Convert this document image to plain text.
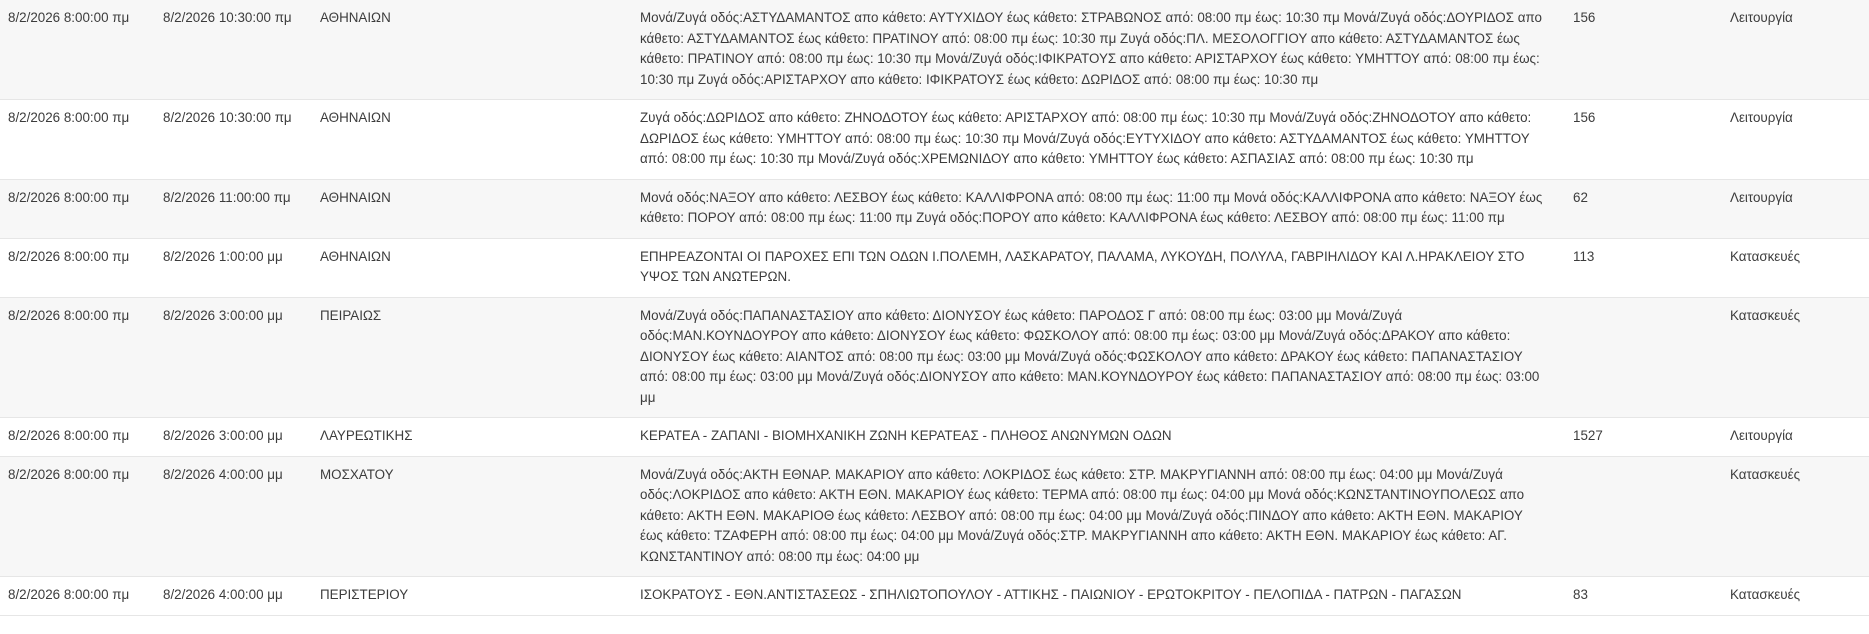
8/2/2026 8:00:00 πμ	8/2/2026 10:30:00 πμ	ΑΘΗΝΑΙΩΝ	Μονά/Ζυγά οδός:ΑΣΤΥΔΑΜΑΝΤΟΣ απο κάθετο: ΑΥΤΥΧΙΔΟΥ έως κάθετο: ΣΤΡΑΒΩΝΟΣ από: 08:00 πμ έως: 10:30 πμ Μονά/Ζυγά οδός:ΔΟΥΡΙΔΟΣ απο κάθετο: ΑΣΤΥΔΑΜΑΝΤΟΣ έως κάθετο: ΠΡΑΤΙΝΟΥ από: 08:00 πμ έως: 10:30 πμ Ζυγά οδός:ΠΛ. ΜΕΣΟΛΟΓΓΙΟΥ απο κάθετο: ΑΣΤΥΔΑΜΑΝΤΟΣ έως κάθετο: ΠΡΑΤΙΝΟΥ από: 08:00 πμ έως: 10:30 πμ Μονά/Ζυγά οδός:ΙΦΙΚΡΑΤΟΥΣ απο κάθετο: ΑΡΙΣΤΑΡΧΟΥ έως κάθετο: ΥΜΗΤΤΟΥ από: 08:00 πμ έως: 10:30 πμ Ζυγά οδός:ΑΡΙΣΤΑΡΧΟΥ απο κάθετο: ΙΦΙΚΡΑΤΟΥΣ έως κάθετο: ΔΩΡΙΔΟΣ από: 08:00 πμ έως: 10:30 πμ	156	Λειτουργία
8/2/2026 8:00:00 πμ	8/2/2026 10:30:00 πμ	ΑΘΗΝΑΙΩΝ	Ζυγά οδός:ΔΩΡΙΔΟΣ απο κάθετο: ΖΗΝΟΔΟΤΟΥ έως κάθετο: ΑΡΙΣΤΑΡΧΟΥ από: 08:00 πμ έως: 10:30 πμ Μονά/Ζυγά οδός:ΖΗΝΟΔΟΤΟΥ απο κάθετο: ΔΩΡΙΔΟΣ έως κάθετο: ΥΜΗΤΤΟΥ από: 08:00 πμ έως: 10:30 πμ Μονά/Ζυγά οδός:ΕΥΤΥΧΙΔΟΥ απο κάθετο: ΑΣΤΥΔΑΜΑΝΤΟΣ έως κάθετο: ΥΜΗΤΤΟΥ από: 08:00 πμ έως: 10:30 πμ Μονά/Ζυγά οδός:ΧΡΕΜΩΝΙΔΟΥ απο κάθετο: ΥΜΗΤΤΟΥ έως κάθετο: ΑΣΠΑΣΙΑΣ από: 08:00 πμ έως: 10:30 πμ	156	Λειτουργία
8/2/2026 8:00:00 πμ	8/2/2026 11:00:00 πμ	ΑΘΗΝΑΙΩΝ	Μονά οδός:ΝΑΞΟΥ απο κάθετο: ΛΕΣΒΟΥ έως κάθετο: ΚΑΛΛΙΦΡΟΝΑ από: 08:00 πμ έως: 11:00 πμ Μονά οδός:ΚΑΛΛΙΦΡΟΝΑ απο κάθετο: ΝΑΞΟΥ έως κάθετο: ΠΟΡΟΥ από: 08:00 πμ έως: 11:00 πμ Ζυγά οδός:ΠΟΡΟΥ απο κάθετο: ΚΑΛΛΙΦΡΟΝΑ έως κάθετο: ΛΕΣΒΟΥ από: 08:00 πμ έως: 11:00 πμ	62	Λειτουργία
8/2/2026 8:00:00 πμ	8/2/2026 1:00:00 μμ	ΑΘΗΝΑΙΩΝ	ΕΠΗΡΕΑΖΟΝΤΑΙ ΟΙ ΠΑΡΟΧΕΣ ΕΠΙ ΤΩΝ ΟΔΩΝ Ι.ΠΟΛΕΜΗ, ΛΑΣΚΑΡΑΤΟΥ, ΠΑΛΑΜΑ, ΛΥΚΟΥΔΗ, ΠΟΛΥΛΑ, ΓΑΒΡΙΗΛΙΔΟΥ ΚΑΙ Λ.ΗΡΑΚΛΕΙΟΥ ΣΤΟ ΥΨΟΣ ΤΩΝ ΑΝΩΤΕΡΩΝ.	113	Κατασκευές
8/2/2026 8:00:00 πμ	8/2/2026 3:00:00 μμ	ΠΕΙΡΑΙΩΣ	Μονά/Ζυγά οδός:ΠΑΠΑΝΑΣΤΑΣΙΟΥ απο κάθετο: ΔΙΟΝΥΣΟΥ έως κάθετο: ΠΑΡΟΔΟΣ Γ από: 08:00 πμ έως: 03:00 μμ Μονά/Ζυγά οδός:ΜΑΝ.ΚΟΥΝΔΟΥΡΟΥ απο κάθετο: ΔΙΟΝΥΣΟΥ έως κάθετο: ΦΩΣΚΟΛΟΥ από: 08:00 πμ έως: 03:00 μμ Μονά/Ζυγά οδός:ΔΡΑΚΟΥ απο κάθετο: ΔΙΟΝΥΣΟΥ έως κάθετο: ΑΙΑΝΤΟΣ από: 08:00 πμ έως: 03:00 μμ Μονά/Ζυγά οδός:ΦΩΣΚΟΛΟΥ απο κάθετο: ΔΡΑΚΟΥ έως κάθετο: ΠΑΠΑΝΑΣΤΑΣΙΟΥ από: 08:00 πμ έως: 03:00 μμ Μονά/Ζυγά οδός:ΔΙΟΝΥΣΟΥ απο κάθετο: ΜΑΝ.ΚΟΥΝΔΟΥΡΟΥ έως κάθετο: ΠΑΠΑΝΑΣΤΑΣΙΟΥ από: 08:00 πμ έως: 03:00 μμ		Κατασκευές
8/2/2026 8:00:00 πμ	8/2/2026 3:00:00 μμ	ΛΑΥΡΕΩΤΙΚΗΣ	ΚΕΡΑΤΕΑ - ΖΑΠΑΝΙ - ΒΙΟΜΗΧΑΝΙΚΗ ΖΩΝΗ ΚΕΡΑΤΕΑΣ - ΠΛΗΘΟΣ ΑΝΩΝΥΜΩΝ ΟΔΩΝ	1527	Λειτουργία
8/2/2026 8:00:00 πμ	8/2/2026 4:00:00 μμ	ΜΟΣΧΑΤΟΥ	Μονά/Ζυγά οδός:ΑΚΤΗ ΕΘΝΑΡ. ΜΑΚΑΡΙΟΥ απο κάθετο: ΛΟΚΡΙΔΟΣ έως κάθετο: ΣΤΡ. ΜΑΚΡΥΓΙΑΝΝΗ από: 08:00 πμ έως: 04:00 μμ Μονά/Ζυγά οδός:ΛΟΚΡΙΔΟΣ απο κάθετο: ΑΚΤΗ ΕΘΝ. ΜΑΚΑΡΙΟΥ έως κάθετο: ΤΕΡΜΑ από: 08:00 πμ έως: 04:00 μμ Μονά οδός:ΚΩΝΣΤΑΝΤΙΝΟΥΠΟΛΕΩΣ απο κάθετο: ΑΚΤΗ ΕΘΝ. ΜΑΚΑΡΙΟΘ έως κάθετο: ΛΕΣΒΟΥ από: 08:00 πμ έως: 04:00 μμ Μονά/Ζυγά οδός:ΠΙΝΔΟΥ απο κάθετο: ΑΚΤΗ ΕΘΝ. ΜΑΚΑΡΙΟΥ έως κάθετο: ΤΖΑΦΕΡΗ από: 08:00 πμ έως: 04:00 μμ Μονά/Ζυγά οδός:ΣΤΡ. ΜΑΚΡΥΓΙΑΝΝΗ απο κάθετο: ΑΚΤΗ ΕΘΝ. ΜΑΚΑΡΙΟΥ έως κάθετο: ΑΓ. ΚΩΝΣΤΑΝΤΙΝΟΥ από: 08:00 πμ έως: 04:00 μμ		Κατασκευές
8/2/2026 8:00:00 πμ	8/2/2026 4:00:00 μμ	ΠΕΡΙΣΤΕΡΙΟΥ	ΙΣΟΚΡΑΤΟΥΣ - ΕΘΝ.ΑΝΤΙΣΤΑΣΕΩΣ - ΣΠΗΛΙΩΤΟΠΟΥΛΟΥ - ΑΤΤΙΚΗΣ - ΠΑΙΩΝΙΟΥ - ΕΡΩΤΟΚΡΙΤΟΥ - ΠΕΛΟΠΙΔΑ - ΠΑΤΡΩΝ - ΠΑΓΑΣΩΝ	83	Κατασκευές
